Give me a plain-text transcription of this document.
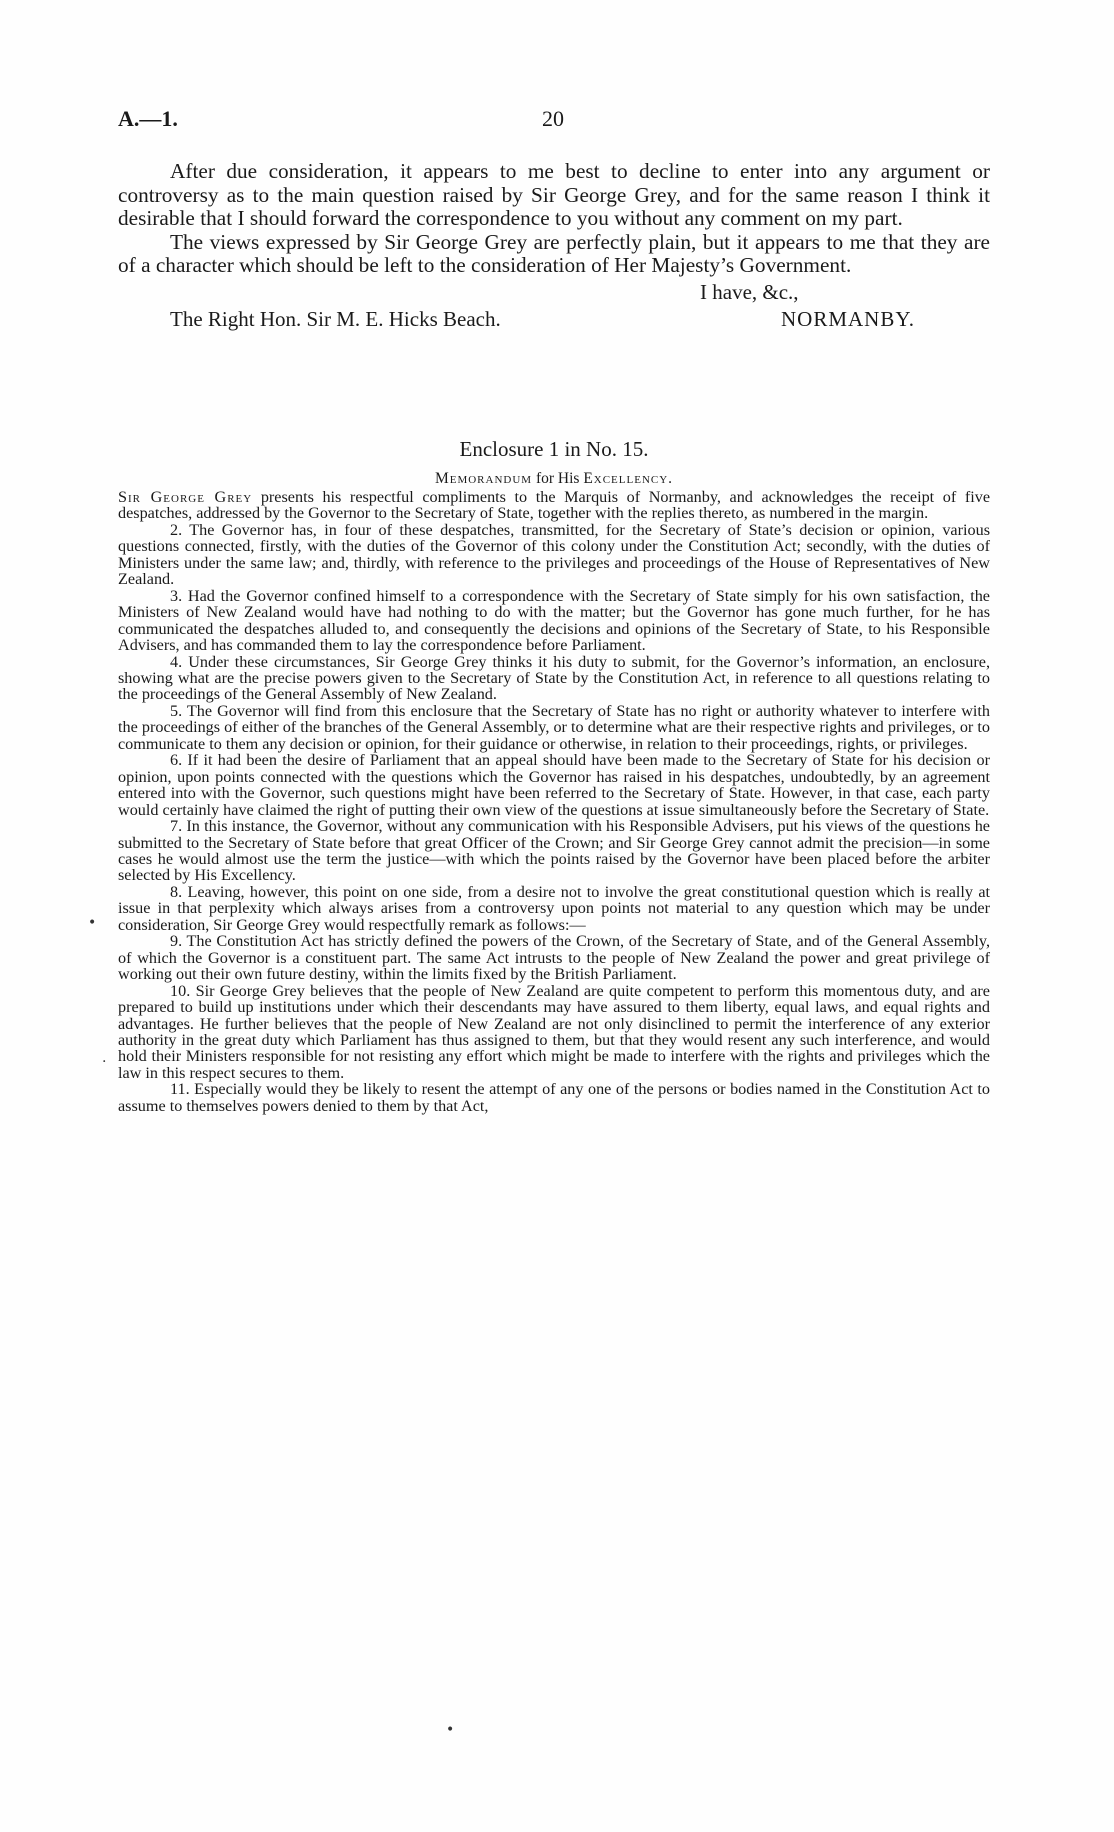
A.—1.	20

After due consideration, it appears to me best to decline to enter into any argument or controversy as to the main question raised by Sir George Grey, and for the same reason I think it desirable that I should forward the correspondence to you without any comment on my part.

The views expressed by Sir George Grey are perfectly plain, but it appears to me that they are of a character which should be left to the consideration of Her Majesty’s Government.

I have, &c.,
The Right Hon. Sir M. E. Hicks Beach.	NORMANBY.
Enclosure 1 in No. 15.
Memorandum for His Excellency.

Sir George Grey presents his respectful compliments to the Marquis of Normanby, and acknowledges the receipt of five despatches, addressed by the Governor to the Secretary of State, together with the replies thereto, as numbered in the margin.

2. The Governor has, in four of these despatches, transmitted, for the Secretary of State’s decision or opinion, various questions connected, firstly, with the duties of the Governor of this colony under the Constitution Act; secondly, with the duties of Ministers under the same law; and, thirdly, with reference to the privileges and proceedings of the House of Representatives of New Zealand.

3. Had the Governor confined himself to a correspondence with the Secretary of State simply for his own satisfaction, the Ministers of New Zealand would have had nothing to do with the matter; but the Governor has gone much further, for he has communicated the despatches alluded to, and consequently the decisions and opinions of the Secretary of State, to his Responsible Advisers, and has commanded them to lay the correspondence before Parliament.

4. Under these circumstances, Sir George Grey thinks it his duty to submit, for the Governor’s information, an enclosure, showing what are the precise powers given to the Secretary of State by the Constitution Act, in reference to all questions relating to the proceedings of the General Assembly of New Zealand.

5. The Governor will find from this enclosure that the Secretary of State has no right or authority whatever to interfere with the proceedings of either of the branches of the General Assembly, or to determine what are their respective rights and privileges, or to communicate to them any decision or opinion, for their guidance or otherwise, in relation to their proceedings, rights, or privileges.

6. If it had been the desire of Parliament that an appeal should have been made to the Secretary of State for his decision or opinion, upon points connected with the questions which the Governor has raised in his despatches, undoubtedly, by an agreement entered into with the Governor, such questions might have been referred to the Secretary of State. However, in that case, each party would certainly have claimed the right of putting their own view of the questions at issue simultaneously before the Secretary of State.

7. In this instance, the Governor, without any communication with his Responsible Advisers, put his views of the questions he submitted to the Secretary of State before that great Officer of the Crown; and Sir George Grey cannot admit the precision—in some cases he would almost use the term the justice—with which the points raised by the Governor have been placed before the arbiter selected by His Excellency.

8. Leaving, however, this point on one side, from a desire not to involve the great constitutional question which is really at issue in that perplexity which always arises from a controversy upon points not material to any question which may be under consideration, Sir George Grey would respectfully remark as follows:—

9. The Constitution Act has strictly defined the powers of the Crown, of the Secretary of State, and of the General Assembly, of which the Governor is a constituent part. The same Act intrusts to the people of New Zealand the power and great privilege of working out their own future destiny, within the limits fixed by the British Parliament.

10. Sir George Grey believes that the people of New Zealand are quite competent to perform this momentous duty, and are prepared to build up institutions under which their descendants may have assured to them liberty, equal laws, and equal rights and advantages. He further believes that the people of New Zealand are not only disinclined to permit the interference of any exterior authority in the great duty which Parliament has thus assigned to them, but that they would resent any such interference, and would hold their Ministers responsible for not resisting any effort which might be made to interfere with the rights and privileges which the law in this respect secures to them.

11. Especially would they be likely to resent the attempt of any one of the persons or bodies named in the Constitution Act to assume to themselves powers denied to them by that Act,

•
.
•
